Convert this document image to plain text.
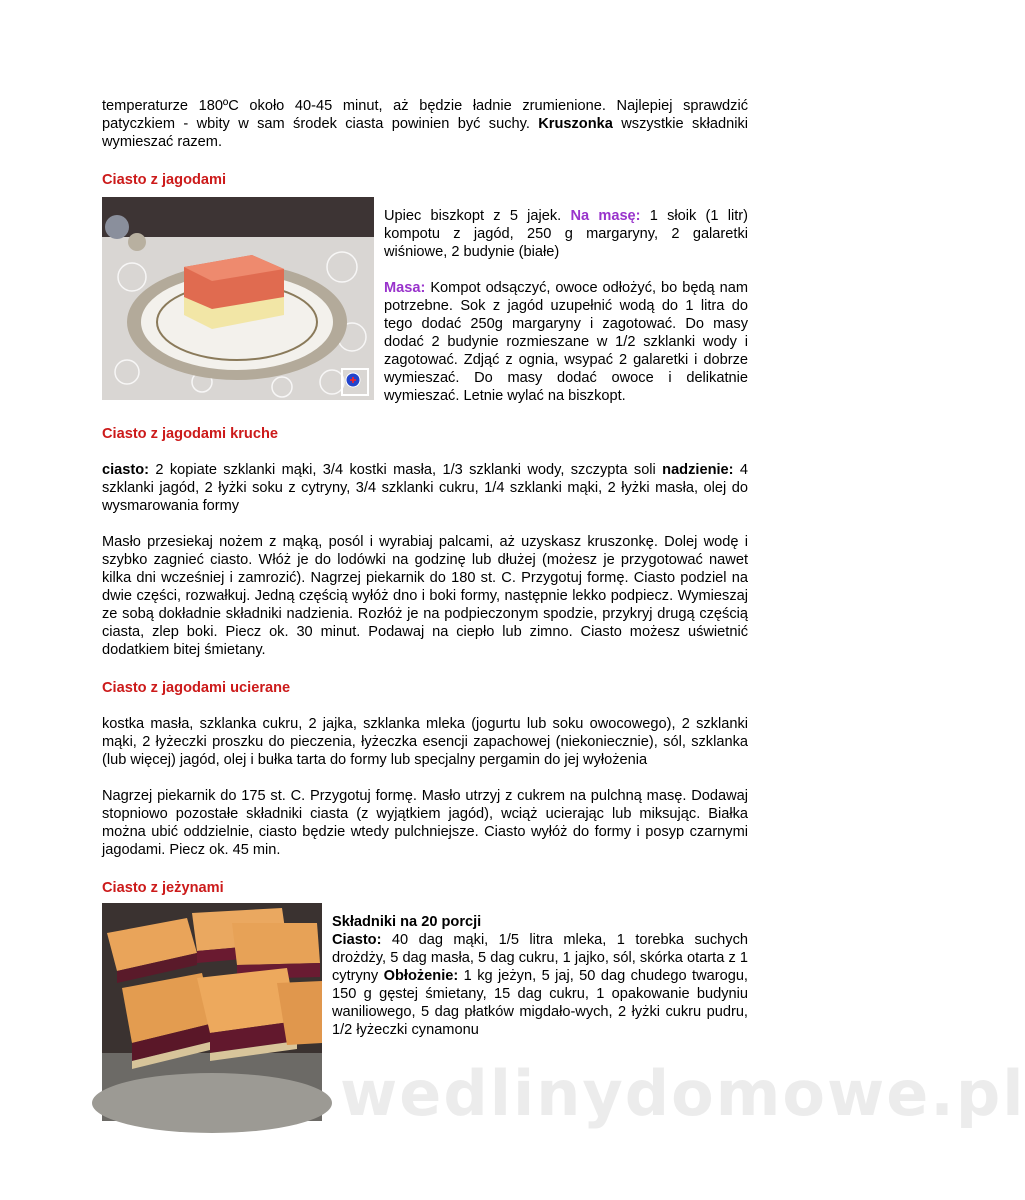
temperaturze 180ºC około 40-45 minut, aż będzie ładnie zrumienione. Najlepiej sprawdzić patyczkiem - wbity w sam środek ciasta powinien być suchy. Kruszonka wszystkie składniki wymieszać razem.

Ciasto z jagodami

Upiec biszkopt z 5 jajek. Na masę: 1 słoik (1 litr) kompotu z jagód, 250 g margaryny, 2 galaretki wiśniowe, 2 budynie (białe)

Masa: Kompot odsączyć, owoce odłożyć, bo będą nam potrzebne. Sok z jagód uzupełnić wodą do 1 litra do tego dodać 250g margaryny i zagotować. Do masy dodać 2 budynie rozmieszane w 1/2 szklanki wody i zagotować. Zdjąć z ognia, wsypać 2 galaretki i dobrze wymieszać. Do masy dodać owoce i delikatnie wymieszać. Letnie wylać na biszkopt.

Ciasto z jagodami kruche

ciasto: 2 kopiate szklanki mąki, 3/4 kostki masła, 1/3 szklanki wody, szczypta soli nadzienie: 4 szklanki jagód, 2 łyżki soku z cytryny, 3/4 szklanki cukru, 1/4 szklanki mąki, 2 łyżki masła, olej do wysmarowania formy

Masło przesiekaj nożem z mąką, posól i wyrabiaj palcami, aż uzyskasz kruszonkę. Dolej wodę i szybko zagnieć ciasto. Włóż je do lodówki na godzinę lub dłużej (możesz je przygotować nawet kilka dni wcześniej i zamrozić). Nagrzej piekarnik do 180 st. C. Przygotuj formę. Ciasto podziel na dwie części, rozwałkuj. Jedną częścią wyłóż dno i boki formy, następnie lekko podpiecz. Wymieszaj ze sobą dokładnie składniki nadzienia. Rozłóż je na podpieczonym spodzie, przykryj drugą częścią ciasta, zlep boki. Piecz ok. 30 minut. Podawaj na ciepło lub zimno. Ciasto możesz uświetnić dodatkiem bitej śmietany.

Ciasto z jagodami ucierane

kostka masła, szklanka cukru, 2 jajka, szklanka mleka (jogurtu lub soku owocowego), 2 szklanki mąki, 2 łyżeczki proszku do pieczenia, łyżeczka esencji zapachowej (niekoniecznie), sól, szklanka (lub więcej) jagód, olej i bułka tarta do formy lub specjalny pergamin do jej wyłożenia

Nagrzej piekarnik do 175 st. C. Przygotuj formę. Masło utrzyj z cukrem na pulchną masę. Dodawaj stopniowo pozostałe składniki ciasta (z wyjątkiem jagód), wciąż ucierając lub miksując. Białka można ubić oddzielnie, ciasto będzie wtedy pulchniejsze. Ciasto wyłóż do formy i posyp czarnymi jagodami. Piecz ok. 45 min.

Ciasto z jeżynami

Składniki na 20 porcji

Ciasto: 40 dag mąki, 1/5 litra mleka, 1 torebka suchych drożdży, 5 dag masła, 5 dag cukru, 1 jajko, sól, skórka otarta z 1 cytryny Obłożenie: 1 kg jeżyn, 5 jaj, 50 dag chudego twarogu, 150 g gęstej śmietany, 15 dag cukru, 1 opakowanie budyniu waniliowego, 5 dag płatków migdało-wych, 2 łyżki cukru pudru, 1/2 łyżeczki cynamonu

wedlinydomowe.pl
